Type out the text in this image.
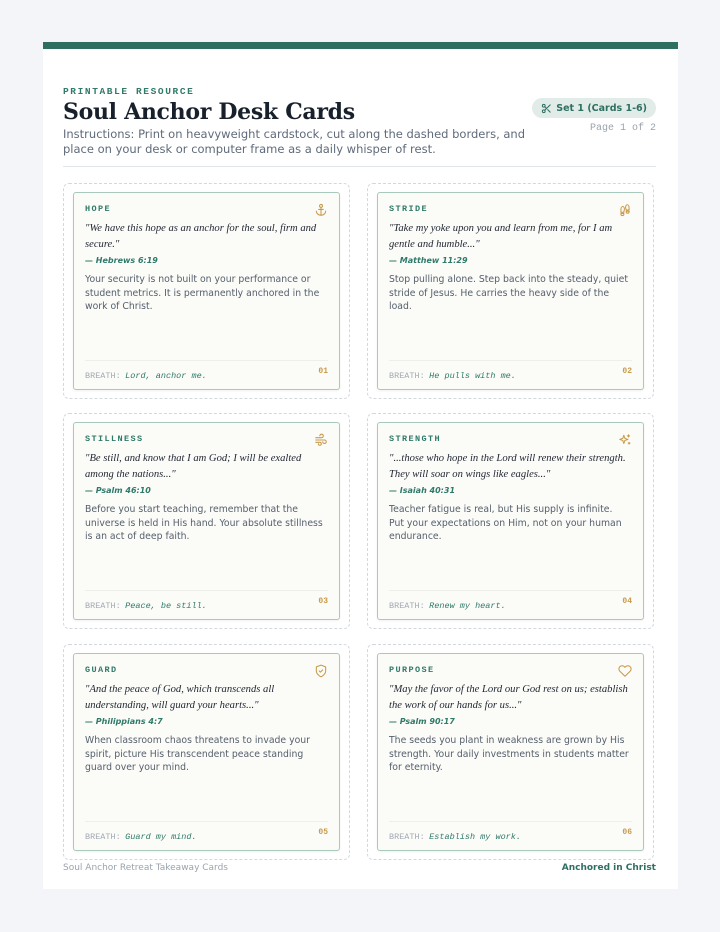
PRINTABLE RESOURCE
Soul Anchor Desk Cards
Instructions: Print on heavyweight cardstock, cut along the dashed borders, and place on your desk or computer frame as a daily whisper of rest.
Set 1 (Cards 1-6)
Page 1 of 2
HOPE
"We have this hope as an anchor for the soul, firm and secure."
— Hebrews 6:19
Your security is not built on your performance or student metrics. It is permanently anchored in the work of Christ.
BREATH: Lord, anchor me.	01
STRIDE
"Take my yoke upon you and learn from me, for I am gentle and humble..."
— Matthew 11:29
Stop pulling alone. Step back into the steady, quiet stride of Jesus. He carries the heavy side of the load.
BREATH: He pulls with me.	02
STILLNESS
"Be still, and know that I am God; I will be exalted among the nations..."
— Psalm 46:10
Before you start teaching, remember that the universe is held in His hand. Your absolute stillness is an act of deep faith.
BREATH: Peace, be still.	03
STRENGTH
"...those who hope in the Lord will renew their strength. They will soar on wings like eagles..."
— Isaiah 40:31
Teacher fatigue is real, but His supply is infinite. Put your expectations on Him, not on your human endurance.
BREATH: Renew my heart.	04
GUARD
"And the peace of God, which transcends all understanding, will guard your hearts..."
— Philippians 4:7
When classroom chaos threatens to invade your spirit, picture His transcendent peace standing guard over your mind.
BREATH: Guard my mind.	05
PURPOSE
"May the favor of the Lord our God rest on us; establish the work of our hands for us..."
— Psalm 90:17
The seeds you plant in weakness are grown by His strength. Your daily investments in students matter for eternity.
BREATH: Establish my work.	06
Soul Anchor Retreat Takeaway Cards	Anchored in Christ
